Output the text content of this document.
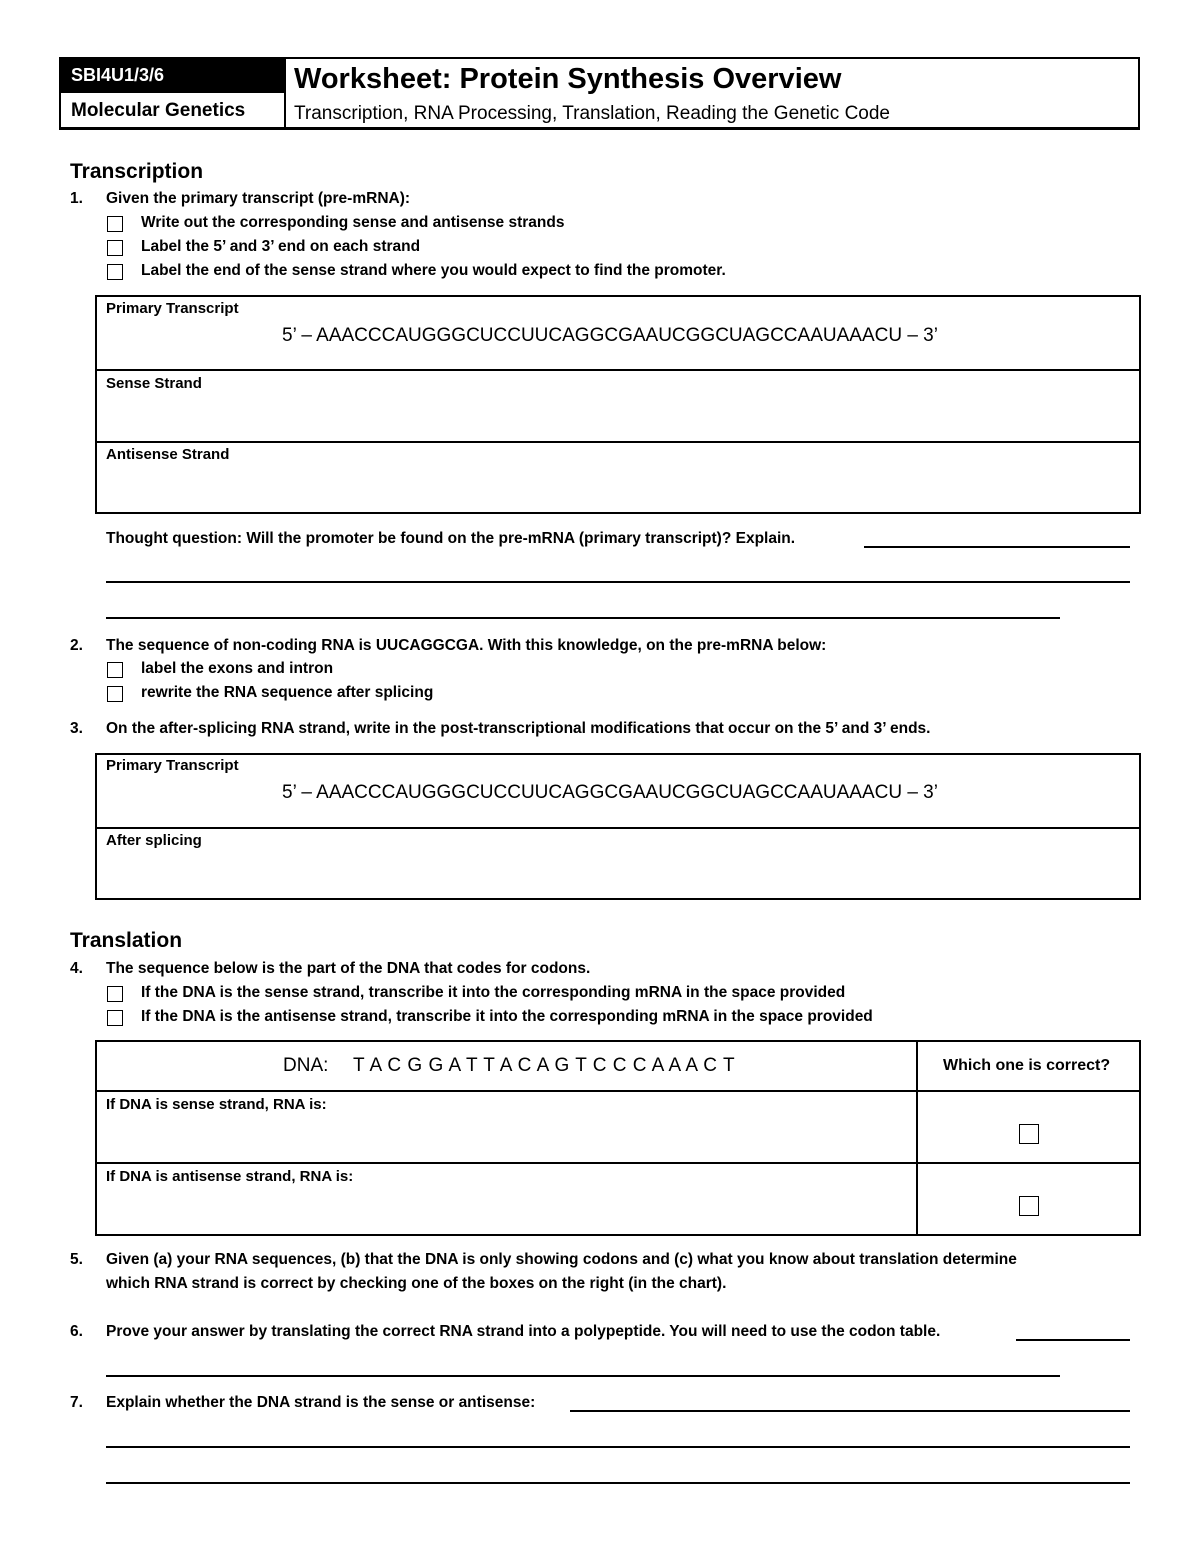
SBI4U1/3/6
Molecular Genetics
Worksheet: Protein Synthesis Overview
Transcription, RNA Processing, Translation, Reading the Genetic Code
Transcription
1. Given the primary transcript (pre-mRNA):
Write out the corresponding sense and antisense strands
Label the 5’ and 3’ end on each strand
Label the end of the sense strand where you would expect to find the promoter.
Primary Transcript
5’ – AAACCCAUGGGCUCCUUCAGGCGAAUCGGCUAGCCAAUAAACU – 3’
Sense Strand
Antisense Strand
Thought question: Will the promoter be found on the pre-mRNA (primary transcript)? Explain.
2. The sequence of non-coding RNA is UUCAGGCGA. With this knowledge, on the pre-mRNA below:
label the exons and intron
rewrite the RNA sequence after splicing
3. On the after-splicing RNA strand, write in the post-transcriptional modifications that occur on the 5’ and 3’ ends.
Primary Transcript
5’ – AAACCCAUGGGCUCCUUCAGGCGAAUCGGCUAGCCAAUAAACU – 3’
After splicing
Translation
4. The sequence below is the part of the DNA that codes for codons.
If the DNA is the sense strand, transcribe it into the corresponding mRNA in the space provided
If the DNA is the antisense strand, transcribe it into the corresponding mRNA in the space provided
DNA: T A C G G A T T A C A G T C C C A A A C T	Which one is correct?
If DNA is sense strand, RNA is:
If DNA is antisense strand, RNA is:
5. Given (a) your RNA sequences, (b) that the DNA is only showing codons and (c) what you know about translation determine
which RNA strand is correct by checking one of the boxes on the right (in the chart).
6. Prove your answer by translating the correct RNA strand into a polypeptide. You will need to use the codon table.
7. Explain whether the DNA strand is the sense or antisense:
